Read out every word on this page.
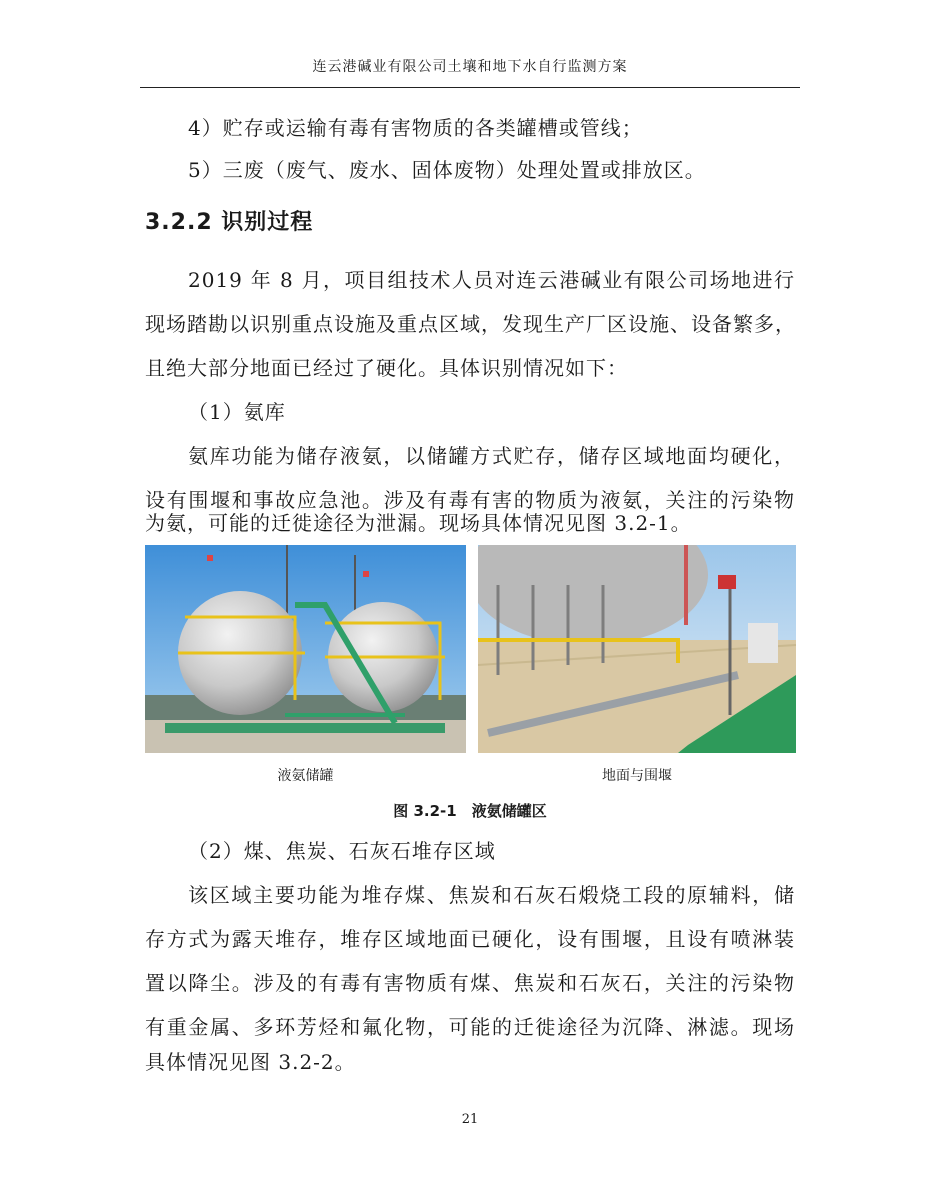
连云港碱业有限公司土壤和地下水自行监测方案
4）贮存或运输有毒有害物质的各类罐槽或管线；
5）三废（废气、废水、固体废物）处理处置或排放区。
3.2.2 识别过程
2019 年 8 月，项目组技术人员对连云港碱业有限公司场地进行
现场踏勘以识别重点设施及重点区域，发现生产厂区设施、设备繁多，
且绝大部分地面已经过了硬化。具体识别情况如下：
（1）氨库
氨库功能为储存液氨，以储罐方式贮存，储存区域地面均硬化，
设有围堰和事故应急池。涉及有毒有害的物质为液氨，关注的污染物
为氨，可能的迁徙途径为泄漏。现场具体情况见图 3.2-1。
液氨储罐	地面与围堰
图 3.2-1　液氨储罐区
（2）煤、焦炭、石灰石堆存区域
该区域主要功能为堆存煤、焦炭和石灰石煅烧工段的原辅料，储
存方式为露天堆存，堆存区域地面已硬化，设有围堰，且设有喷淋装
置以降尘。涉及的有毒有害物质有煤、焦炭和石灰石，关注的污染物
有重金属、多环芳烃和氟化物，可能的迁徙途径为沉降、淋滤。现场
具体情况见图 3.2-2。
21
